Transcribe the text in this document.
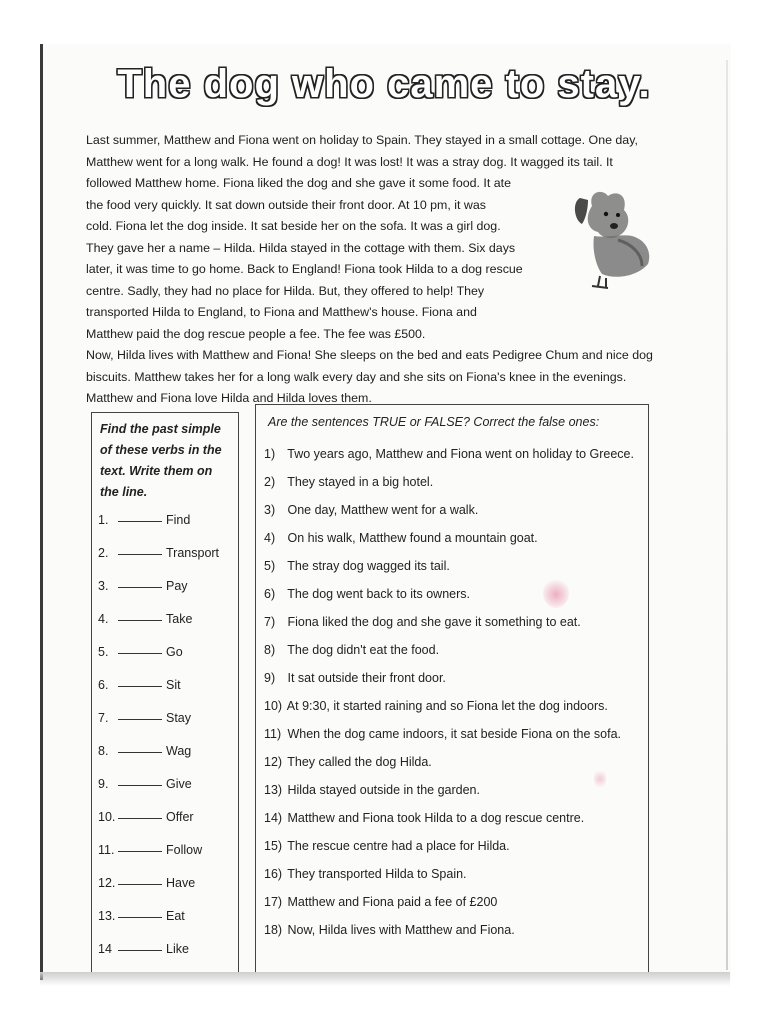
The dog who came to stay.
Last summer, Matthew and Fiona went on holiday to Spain. They stayed in a small cottage. One day,
Matthew went for a long walk. He found a dog! It was lost! It was a stray dog. It wagged its tail. It
followed Matthew home. Fiona liked the dog and she gave it some food. It ate
the food very quickly. It sat down outside their front door. At 10 pm, it was
cold. Fiona let the dog inside. It sat beside her on the sofa. It was a girl dog.
They gave her a name – Hilda. Hilda stayed in the cottage with them. Six days
later, it was time to go home. Back to England! Fiona took Hilda to a dog rescue
centre. Sadly, they had no place for Hilda. But, they offered to help! They
transported Hilda to England, to Fiona and Matthew's house. Fiona and
Matthew paid the dog rescue people a fee. The fee was £500.
Now, Hilda lives with Matthew and Fiona! She sleeps on the bed and eats Pedigree Chum and nice dog
biscuits. Matthew takes her for a long walk every day and she sits on Fiona's knee in the evenings.
Matthew and Fiona love Hilda and Hilda loves them.
Find the past simple of these verbs in the text. Write them on the line.
1.	Find
2.	Transport
3.	Pay
4.	Take
5.	Go
6.	Sit
7.	Stay
8.	Wag
9.	Give
10.	Offer
11.	Follow
12.	Have
13.	Eat
14	Like
Are the sentences TRUE or FALSE? Correct the false ones:
1) Two years ago, Matthew and Fiona went on holiday to Greece.
2) They stayed in a big hotel.
3) One day, Matthew went for a walk.
4) On his walk, Matthew found a mountain goat.
5) The stray dog wagged its tail.
6) The dog went back to its owners.
7) Fiona liked the dog and she gave it something to eat.
8) The dog didn't eat the food.
9) It sat outside their front door.
10) At 9:30, it started raining and so Fiona let the dog indoors.
11) When the dog came indoors, it sat beside Fiona on the sofa.
12) They called the dog Hilda.
13) Hilda stayed outside in the garden.
14) Matthew and Fiona took Hilda to a dog rescue centre.
15) The rescue centre had a place for Hilda.
16) They transported Hilda to Spain.
17) Matthew and Fiona paid a fee of £200
18) Now, Hilda lives with Matthew and Fiona.
